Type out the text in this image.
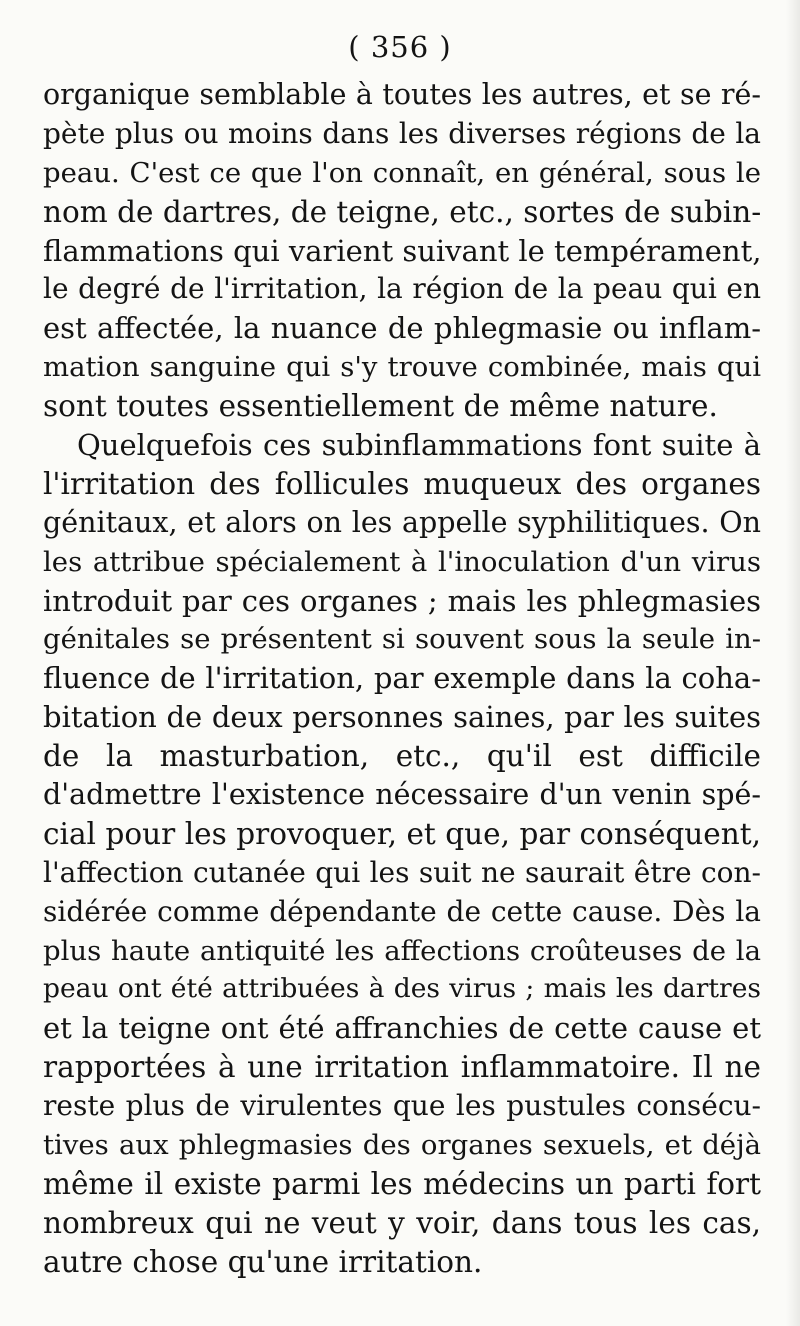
( 356 )
organique semblable à toutes les autres, et se ré-
pète plus ou moins dans les diverses régions de la
peau. C'est ce que l'on connaît, en général, sous le
nom de dartres, de teigne, etc., sortes de subin-
flammations qui varient suivant le tempérament,
le degré de l'irritation, la région de la peau qui en
est affectée, la nuance de phlegmasie ou inflam-
mation sanguine qui s'y trouve combinée, mais qui
sont toutes essentiellement de même nature.
Quelquefois ces subinflammations font suite à
l'irritation des follicules muqueux des organes
génitaux, et alors on les appelle syphilitiques. On
les attribue spécialement à l'inoculation d'un virus
introduit par ces organes ; mais les phlegmasies
génitales se présentent si souvent sous la seule in-
fluence de l'irritation, par exemple dans la coha-
bitation de deux personnes saines, par les suites
de la masturbation, etc., qu'il est difficile
d'admettre l'existence nécessaire d'un venin spé-
cial pour les provoquer, et que, par conséquent,
l'affection cutanée qui les suit ne saurait être con-
sidérée comme dépendante de cette cause. Dès la
plus haute antiquité les affections croûteuses de la
peau ont été attribuées à des virus ; mais les dartres
et la teigne ont été affranchies de cette cause et
rapportées à une irritation inflammatoire. Il ne
reste plus de virulentes que les pustules consécu-
tives aux phlegmasies des organes sexuels, et déjà
même il existe parmi les médecins un parti fort
nombreux qui ne veut y voir, dans tous les cas,
autre chose qu'une irritation.
